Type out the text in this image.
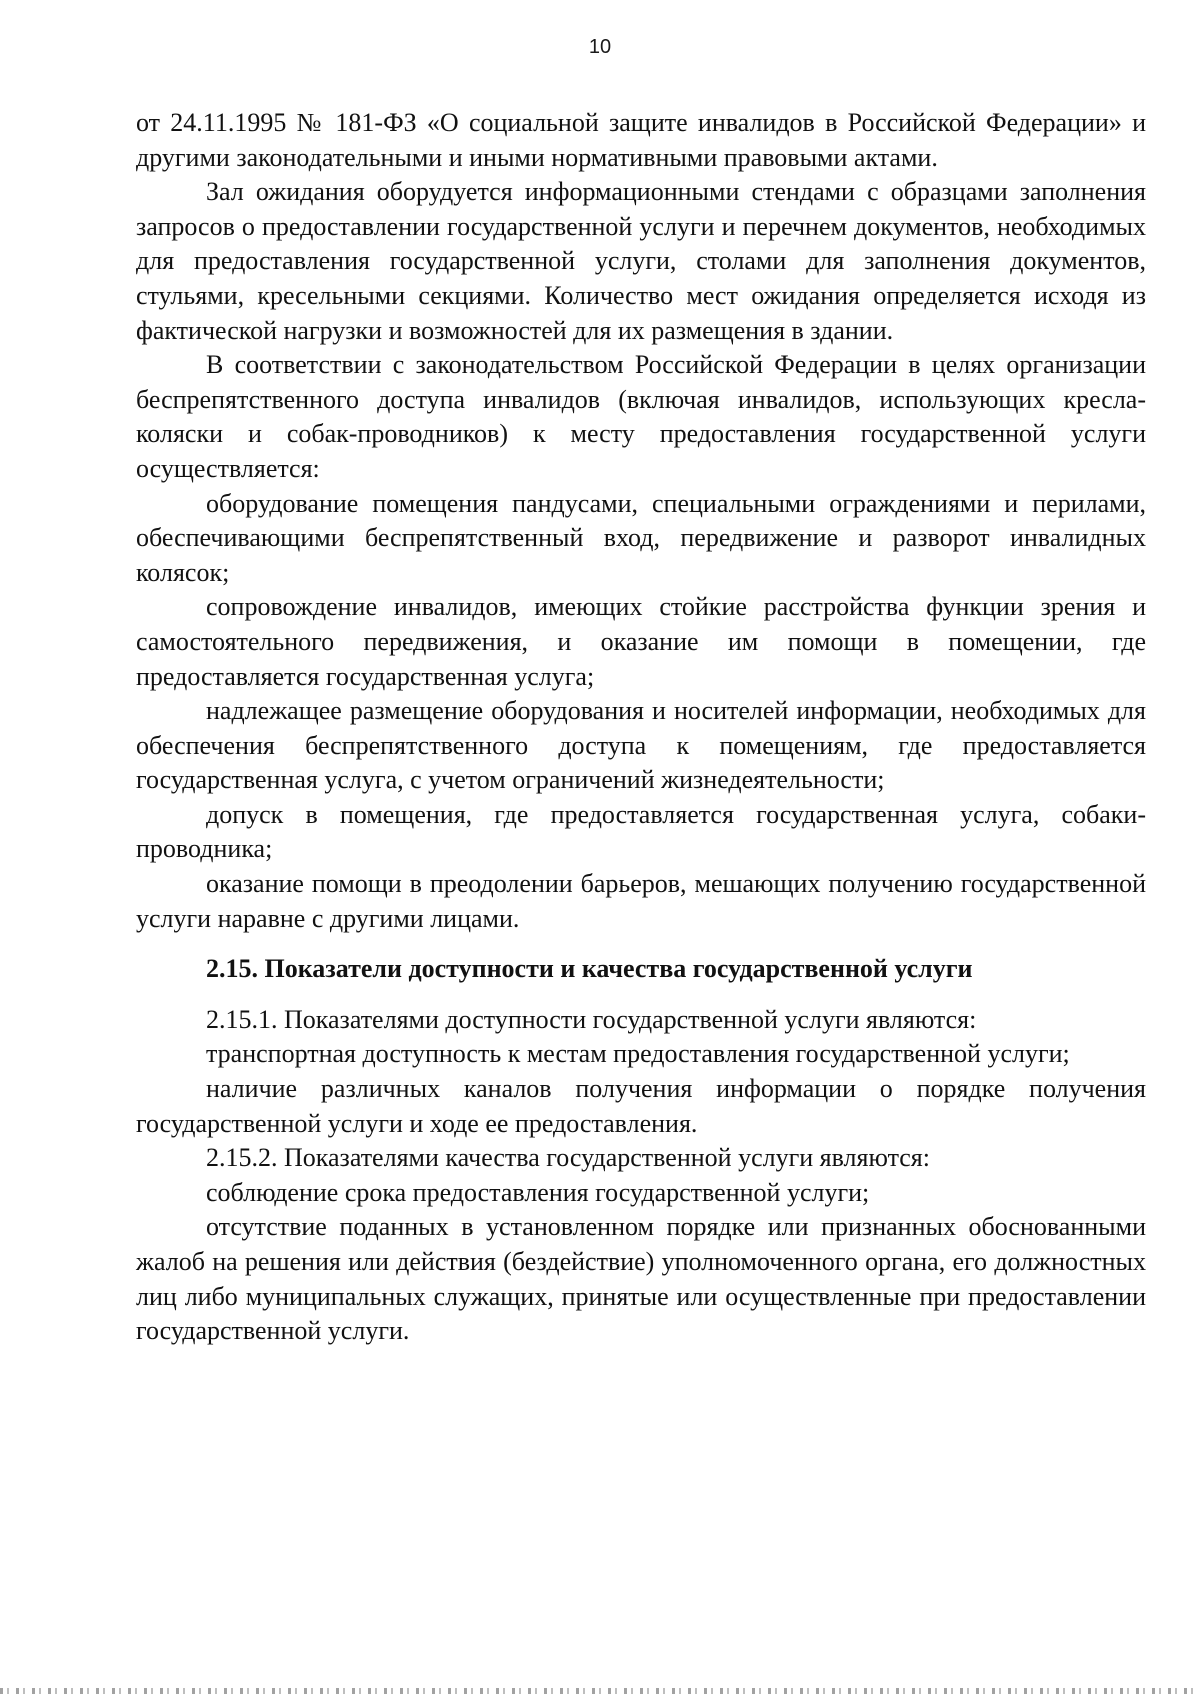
10

от 24.11.1995 № 181-ФЗ «О социальной защите инвалидов в Российской Федерации» и другими законодательными и иными нормативными правовыми актами.

Зал ожидания оборудуется информационными стендами с образцами заполнения запросов о предоставлении государственной услуги и перечнем документов, необходимых для предоставления государственной услуги, столами для заполнения документов, стульями, кресельными секциями. Количество мест ожидания определяется исходя из фактической нагрузки и возможностей для их размещения в здании.

В соответствии с законодательством Российской Федерации в целях организации беспрепятственного доступа инвалидов (включая инвалидов, использующих кресла-коляски и собак-проводников) к месту предоставления государственной услуги осуществляется:

оборудование помещения пандусами, специальными ограждениями и перилами, обеспечивающими беспрепятственный вход, передвижение и разворот инвалидных колясок;

сопровождение инвалидов, имеющих стойкие расстройства функции зрения и самостоятельного передвижения, и оказание им помощи в помещении, где предоставляется государственная услуга;

надлежащее размещение оборудования и носителей информации, необходимых для обеспечения беспрепятственного доступа к помещениям, где предоставляется государственная услуга, с учетом ограничений жизнедеятельности;

допуск в помещения, где предоставляется государственная услуга, собаки-проводника;

оказание помощи в преодолении барьеров, мешающих получению государственной услуги наравне с другими лицами.

2.15. Показатели доступности и качества государственной услуги

2.15.1. Показателями доступности государственной услуги являются:

транспортная доступность к местам предоставления государственной услуги;

наличие различных каналов получения информации о порядке получения государственной услуги и ходе ее предоставления.

2.15.2. Показателями качества государственной услуги являются:

соблюдение срока предоставления государственной услуги;

отсутствие поданных в установленном порядке или признанных обоснованными жалоб на решения или действия (бездействие) уполномоченного органа, его должностных лиц либо муниципальных служащих, принятые или осуществленные при предоставлении государственной услуги.
